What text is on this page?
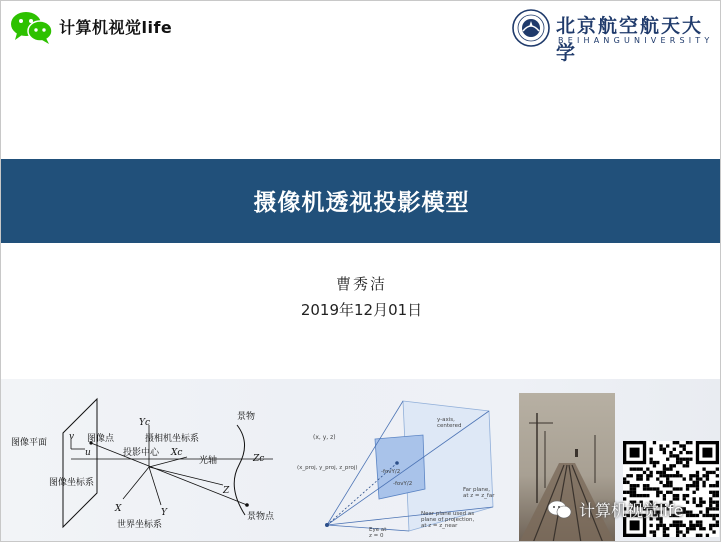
计算机视觉life	北京航空航天大学
BEIHANGUNIVERSITY
摄像机透视投影模型
曹秀洁
2019年12月01日
图像平面
v
u
图像点
Yc
摄相机坐标系
投影中心 Xc
光轴
景物
Zc
图像坐标系
Z
景物点
X	Y
世界坐标系
(x, y, z)
(x_proj, y_proj, z_proj)
y-axis, centered
-fovY/2
-fovY/2
Far plane, at z = z_far
Near plane used as plane of projection, at z = z_near
Eye at z = 0
计算机视觉life
